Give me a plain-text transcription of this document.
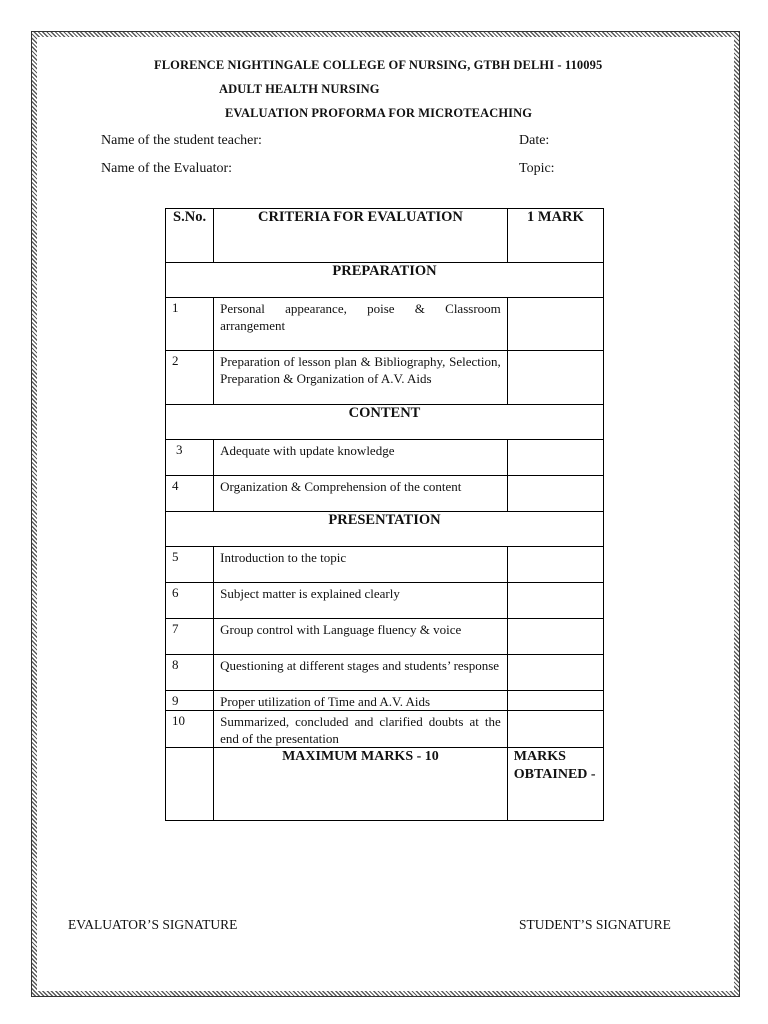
FLORENCE NIGHTINGALE COLLEGE OF NURSING, GTBH DELHI - 110095
ADULT HEALTH NURSING
EVALUATION PROFORMA FOR MICROTEACHING
Name of the student teacher:	Date:
Name of the Evaluator:	Topic:
S.No.	CRITERIA FOR EVALUATION	1 MARK
PREPARATION		
1	Personal appearance, poise & Classroom arrangement	
2	Preparation of lesson plan & Bibliography, Selection, Preparation & Organization of A.V. Aids	
CONTENT		
3	Adequate with update knowledge	
4	Organization & Comprehension of the content	
PRESENTATION		
5	Introduction to the topic	
6	Subject matter is explained clearly	
7	Group control with Language fluency & voice	
8	Questioning at different stages and students’ response	
9	Proper utilization of Time and A.V. Aids	
10	Summarized, concluded and clarified doubts at the end of the presentation	
	MAXIMUM MARKS - 10	MARKS OBTAINED -
EVALUATOR’S SIGNATURE	STUDENT’S SIGNATURE
